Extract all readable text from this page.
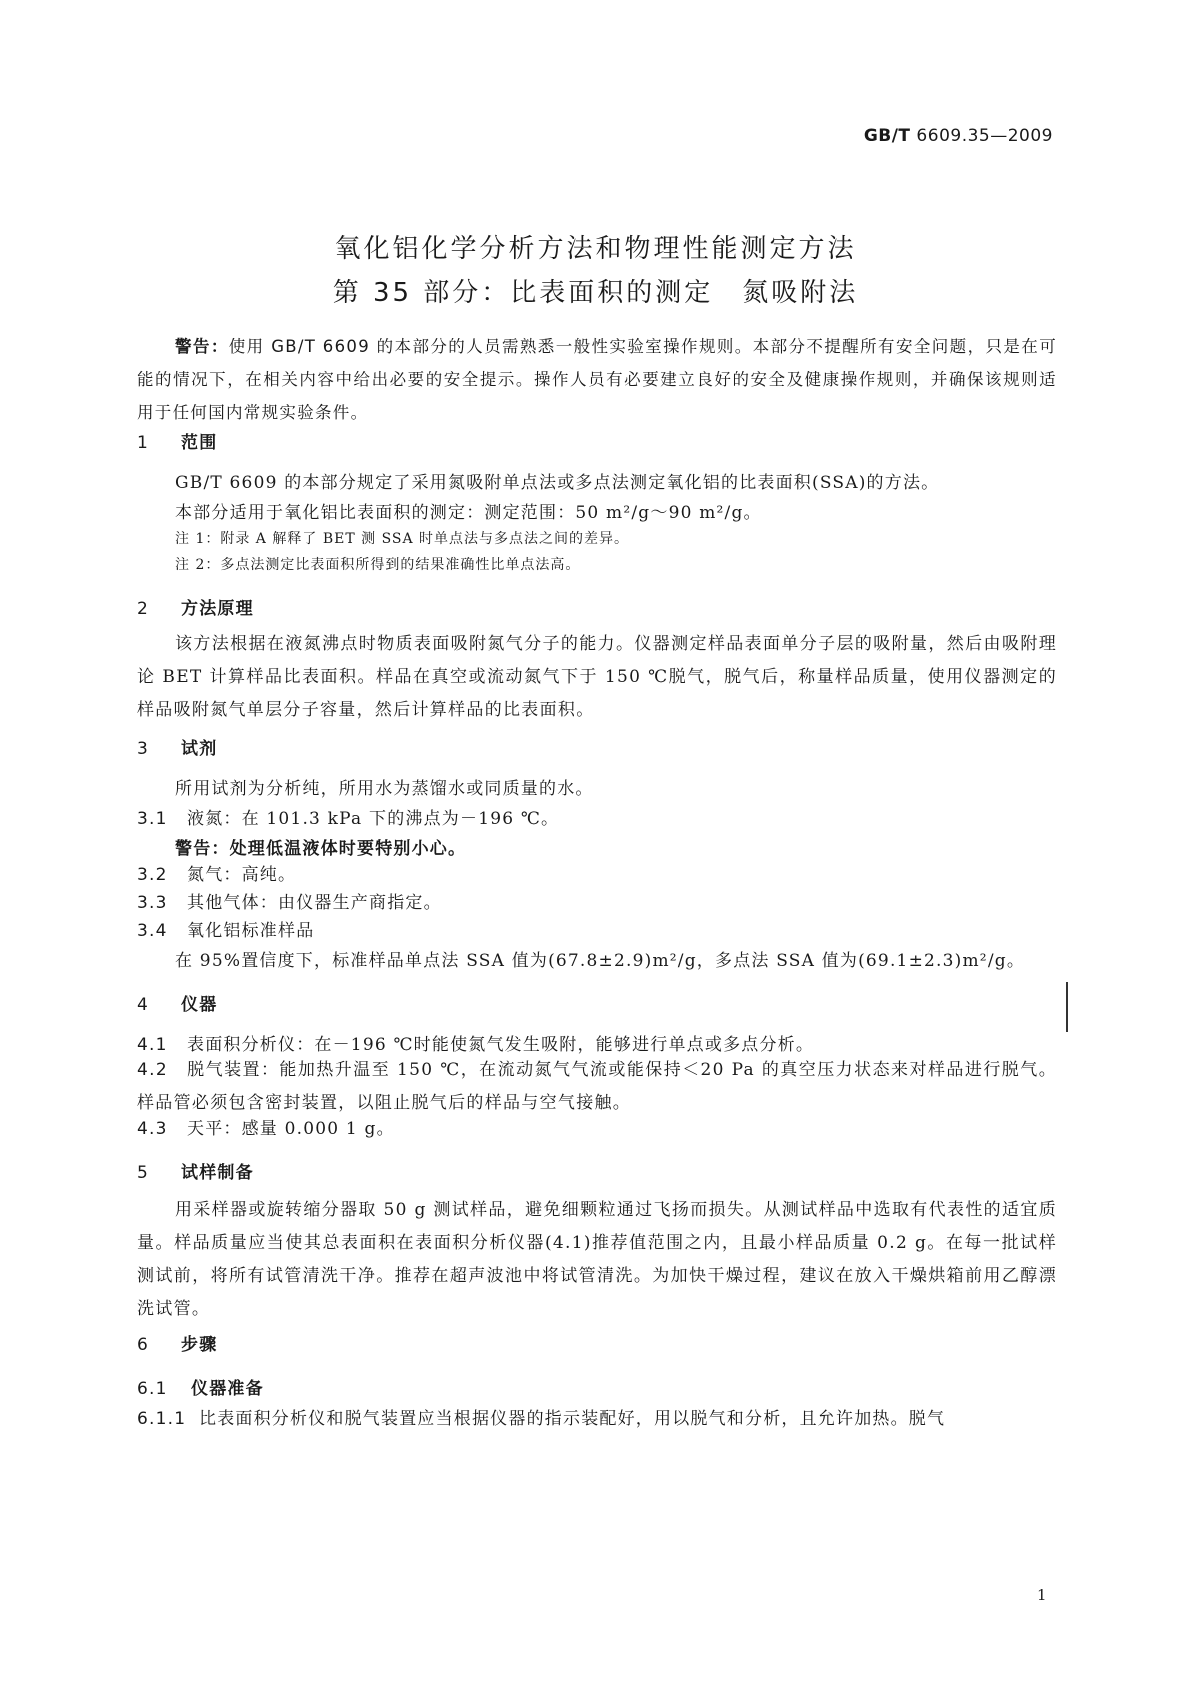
GB/T 6609.35—2009
氧化铝化学分析方法和物理性能测定方法
第 35 部分：比表面积的测定　氮吸附法
警告：使用 GB/T 6609 的本部分的人员需熟悉一般性实验室操作规则。本部分不提醒所有安全问题，只是在可能的情况下，在相关内容中给出必要的安全提示。操作人员有必要建立良好的安全及健康操作规则，并确保该规则适用于任何国内常规实验条件。
1 范围
GB/T 6609 的本部分规定了采用氮吸附单点法或多点法测定氧化铝的比表面积(SSA)的方法。
本部分适用于氧化铝比表面积的测定：测定范围：50 m²/g～90 m²/g。
注 1：附录 A 解释了 BET 测 SSA 时单点法与多点法之间的差异。
注 2：多点法测定比表面积所得到的结果准确性比单点法高。
2 方法原理
该方法根据在液氮沸点时物质表面吸附氮气分子的能力。仪器测定样品表面单分子层的吸附量，然后由吸附理论 BET 计算样品比表面积。样品在真空或流动氮气下于 150 ℃脱气，脱气后，称量样品质量，使用仪器测定的样品吸附氮气单层分子容量，然后计算样品的比表面积。
3 试剂
所用试剂为分析纯，所用水为蒸馏水或同质量的水。
3.1 液氮：在 101.3 kPa 下的沸点为－196 ℃。
警告：处理低温液体时要特别小心。
3.2 氮气：高纯。
3.3 其他气体：由仪器生产商指定。
3.4 氧化铝标准样品
在 95%置信度下，标准样品单点法 SSA 值为(67.8±2.9)m²/g，多点法 SSA 值为(69.1±2.3)m²/g。
4 仪器
4.1 表面积分析仪：在－196 ℃时能使氮气发生吸附，能够进行单点或多点分析。
4.2 脱气装置：能加热升温至 150 ℃，在流动氮气气流或能保持＜20 Pa 的真空压力状态来对样品进行脱气。样品管必须包含密封装置，以阻止脱气后的样品与空气接触。
4.3 天平：感量 0.000 1 g。
5 试样制备
用采样器或旋转缩分器取 50 g 测试样品，避免细颗粒通过飞扬而损失。从测试样品中选取有代表性的适宜质量。样品质量应当使其总表面积在表面积分析仪器(4.1)推荐值范围之内，且最小样品质量 0.2 g。在每一批试样测试前，将所有试管清洗干净。推荐在超声波池中将试管清洗。为加快干燥过程，建议在放入干燥烘箱前用乙醇漂洗试管。
6 步骤
6.1 仪器准备
6.1.1 比表面积分析仪和脱气装置应当根据仪器的指示装配好，用以脱气和分析，且允许加热。脱气
1
